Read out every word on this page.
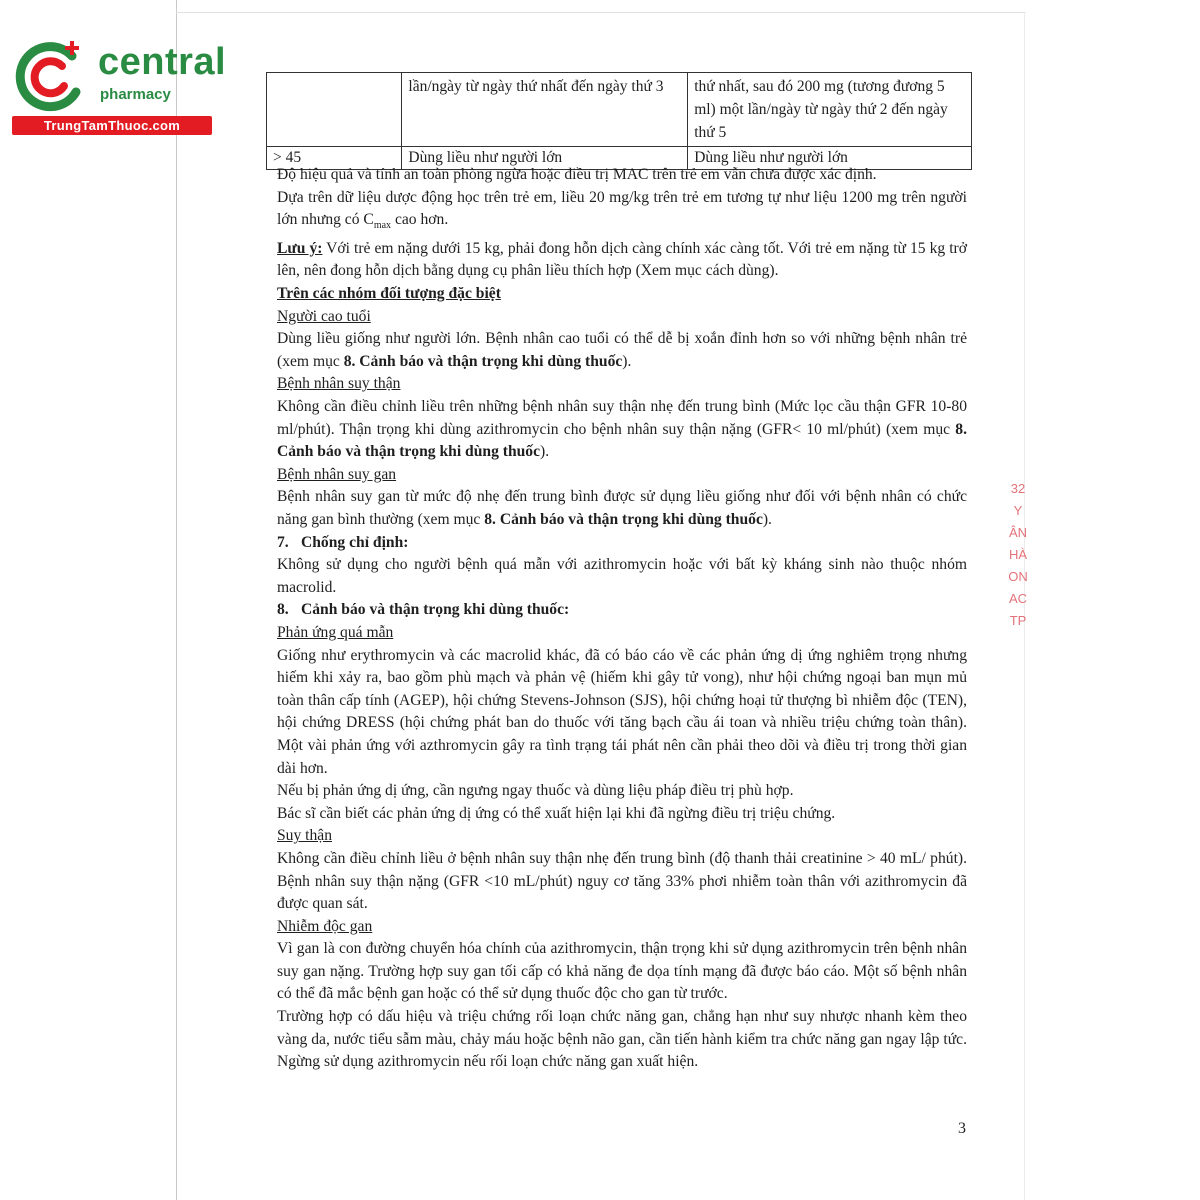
central
pharmacy
TrungTamThuoc.com
	lần/ngày từ ngày thứ nhất đến ngày thứ 3	thứ nhất, sau đó 200 mg (tương đương 5 ml) một lần/ngày từ ngày thứ 2 đến ngày thứ 5
> 45	Dùng liều như người lớn	Dùng liều như người lớn

Độ hiệu quả và tính an toàn phòng ngừa hoặc điều trị MAC trên trẻ em vẫn chưa được xác định.

Dựa trên dữ liệu dược động học trên trẻ em, liều 20 mg/kg trên trẻ em tương tự như liệu 1200 mg trên người lớn nhưng có $C_{max}$ cao hơn.

Lưu ý: Với trẻ em nặng dưới 15 kg, phải đong hỗn dịch càng chính xác càng tốt. Với trẻ em nặng từ 15 kg trở lên, nên đong hỗn dịch bằng dụng cụ phân liều thích hợp (Xem mục cách dùng).

Trên các nhóm đối tượng đặc biệt

Người cao tuổi

Dùng liều giống như người lớn. Bệnh nhân cao tuổi có thể dễ bị xoắn đỉnh hơn so với những bệnh nhân trẻ (xem mục 8. Cảnh báo và thận trọng khi dùng thuốc).

Bệnh nhân suy thận

Không cần điều chỉnh liều trên những bệnh nhân suy thận nhẹ đến trung bình (Mức lọc cầu thận GFR 10-80 ml/phút). Thận trọng khi dùng azithromycin cho bệnh nhân suy thận nặng (GFR< 10 ml/phút) (xem mục 8. Cảnh báo và thận trọng khi dùng thuốc).

Bệnh nhân suy gan

Bệnh nhân suy gan từ mức độ nhẹ đến trung bình được sử dụng liều giống như đối với bệnh nhân có chức năng gan bình thường (xem mục 8. Cảnh báo và thận trọng khi dùng thuốc).

7. Chống chỉ định:

Không sử dụng cho người bệnh quá mẫn với azithromycin hoặc với bất kỳ kháng sinh nào thuộc nhóm macrolid.

8. Cảnh báo và thận trọng khi dùng thuốc:

Phản ứng quá mẫn

Giống như erythromycin và các macrolid khác, đã có báo cáo về các phản ứng dị ứng nghiêm trọng nhưng hiếm khi xảy ra, bao gồm phù mạch và phản vệ (hiếm khi gây tử vong), như hội chứng ngoại ban mụn mủ toàn thân cấp tính (AGEP), hội chứng Stevens-Johnson (SJS), hội chứng hoại tử thượng bì nhiễm độc (TEN), hội chứng DRESS (hội chứng phát ban do thuốc với tăng bạch cầu ái toan và nhiều triệu chứng toàn thân). Một vài phản ứng với azthromycin gây ra tình trạng tái phát nên cần phải theo dõi và điều trị trong thời gian dài hơn.

Nếu bị phản ứng dị ứng, cần ngưng ngay thuốc và dùng liệu pháp điều trị phù hợp.

Bác sĩ cần biết các phản ứng dị ứng có thể xuất hiện lại khi đã ngừng điều trị triệu chứng.

Suy thận

Không cần điều chỉnh liều ở bệnh nhân suy thận nhẹ đến trung bình (độ thanh thải creatinine > 40 mL/ phút). Bệnh nhân suy thận nặng (GFR <10 mL/phút) nguy cơ tăng 33% phơi nhiễm toàn thân với azithromycin đã được quan sát.

Nhiễm độc gan

Vì gan là con đường chuyển hóa chính của azithromycin, thận trọng khi sử dụng azithromycin trên bệnh nhân suy gan nặng. Trường hợp suy gan tối cấp có khả năng đe dọa tính mạng đã được báo cáo. Một số bệnh nhân có thể đã mắc bệnh gan hoặc có thể sử dụng thuốc độc cho gan từ trước.

Trường hợp có dấu hiệu và triệu chứng rối loạn chức năng gan, chẳng hạn như suy nhược nhanh kèm theo vàng da, nước tiểu sẫm màu, chảy máu hoặc bệnh não gan, cần tiến hành kiểm tra chức năng gan ngay lập tức. Ngừng sử dụng azithromycin nếu rối loạn chức năng gan xuất hiện.

3
32
Y
ÂN
HÀ
ON
AC
TP
